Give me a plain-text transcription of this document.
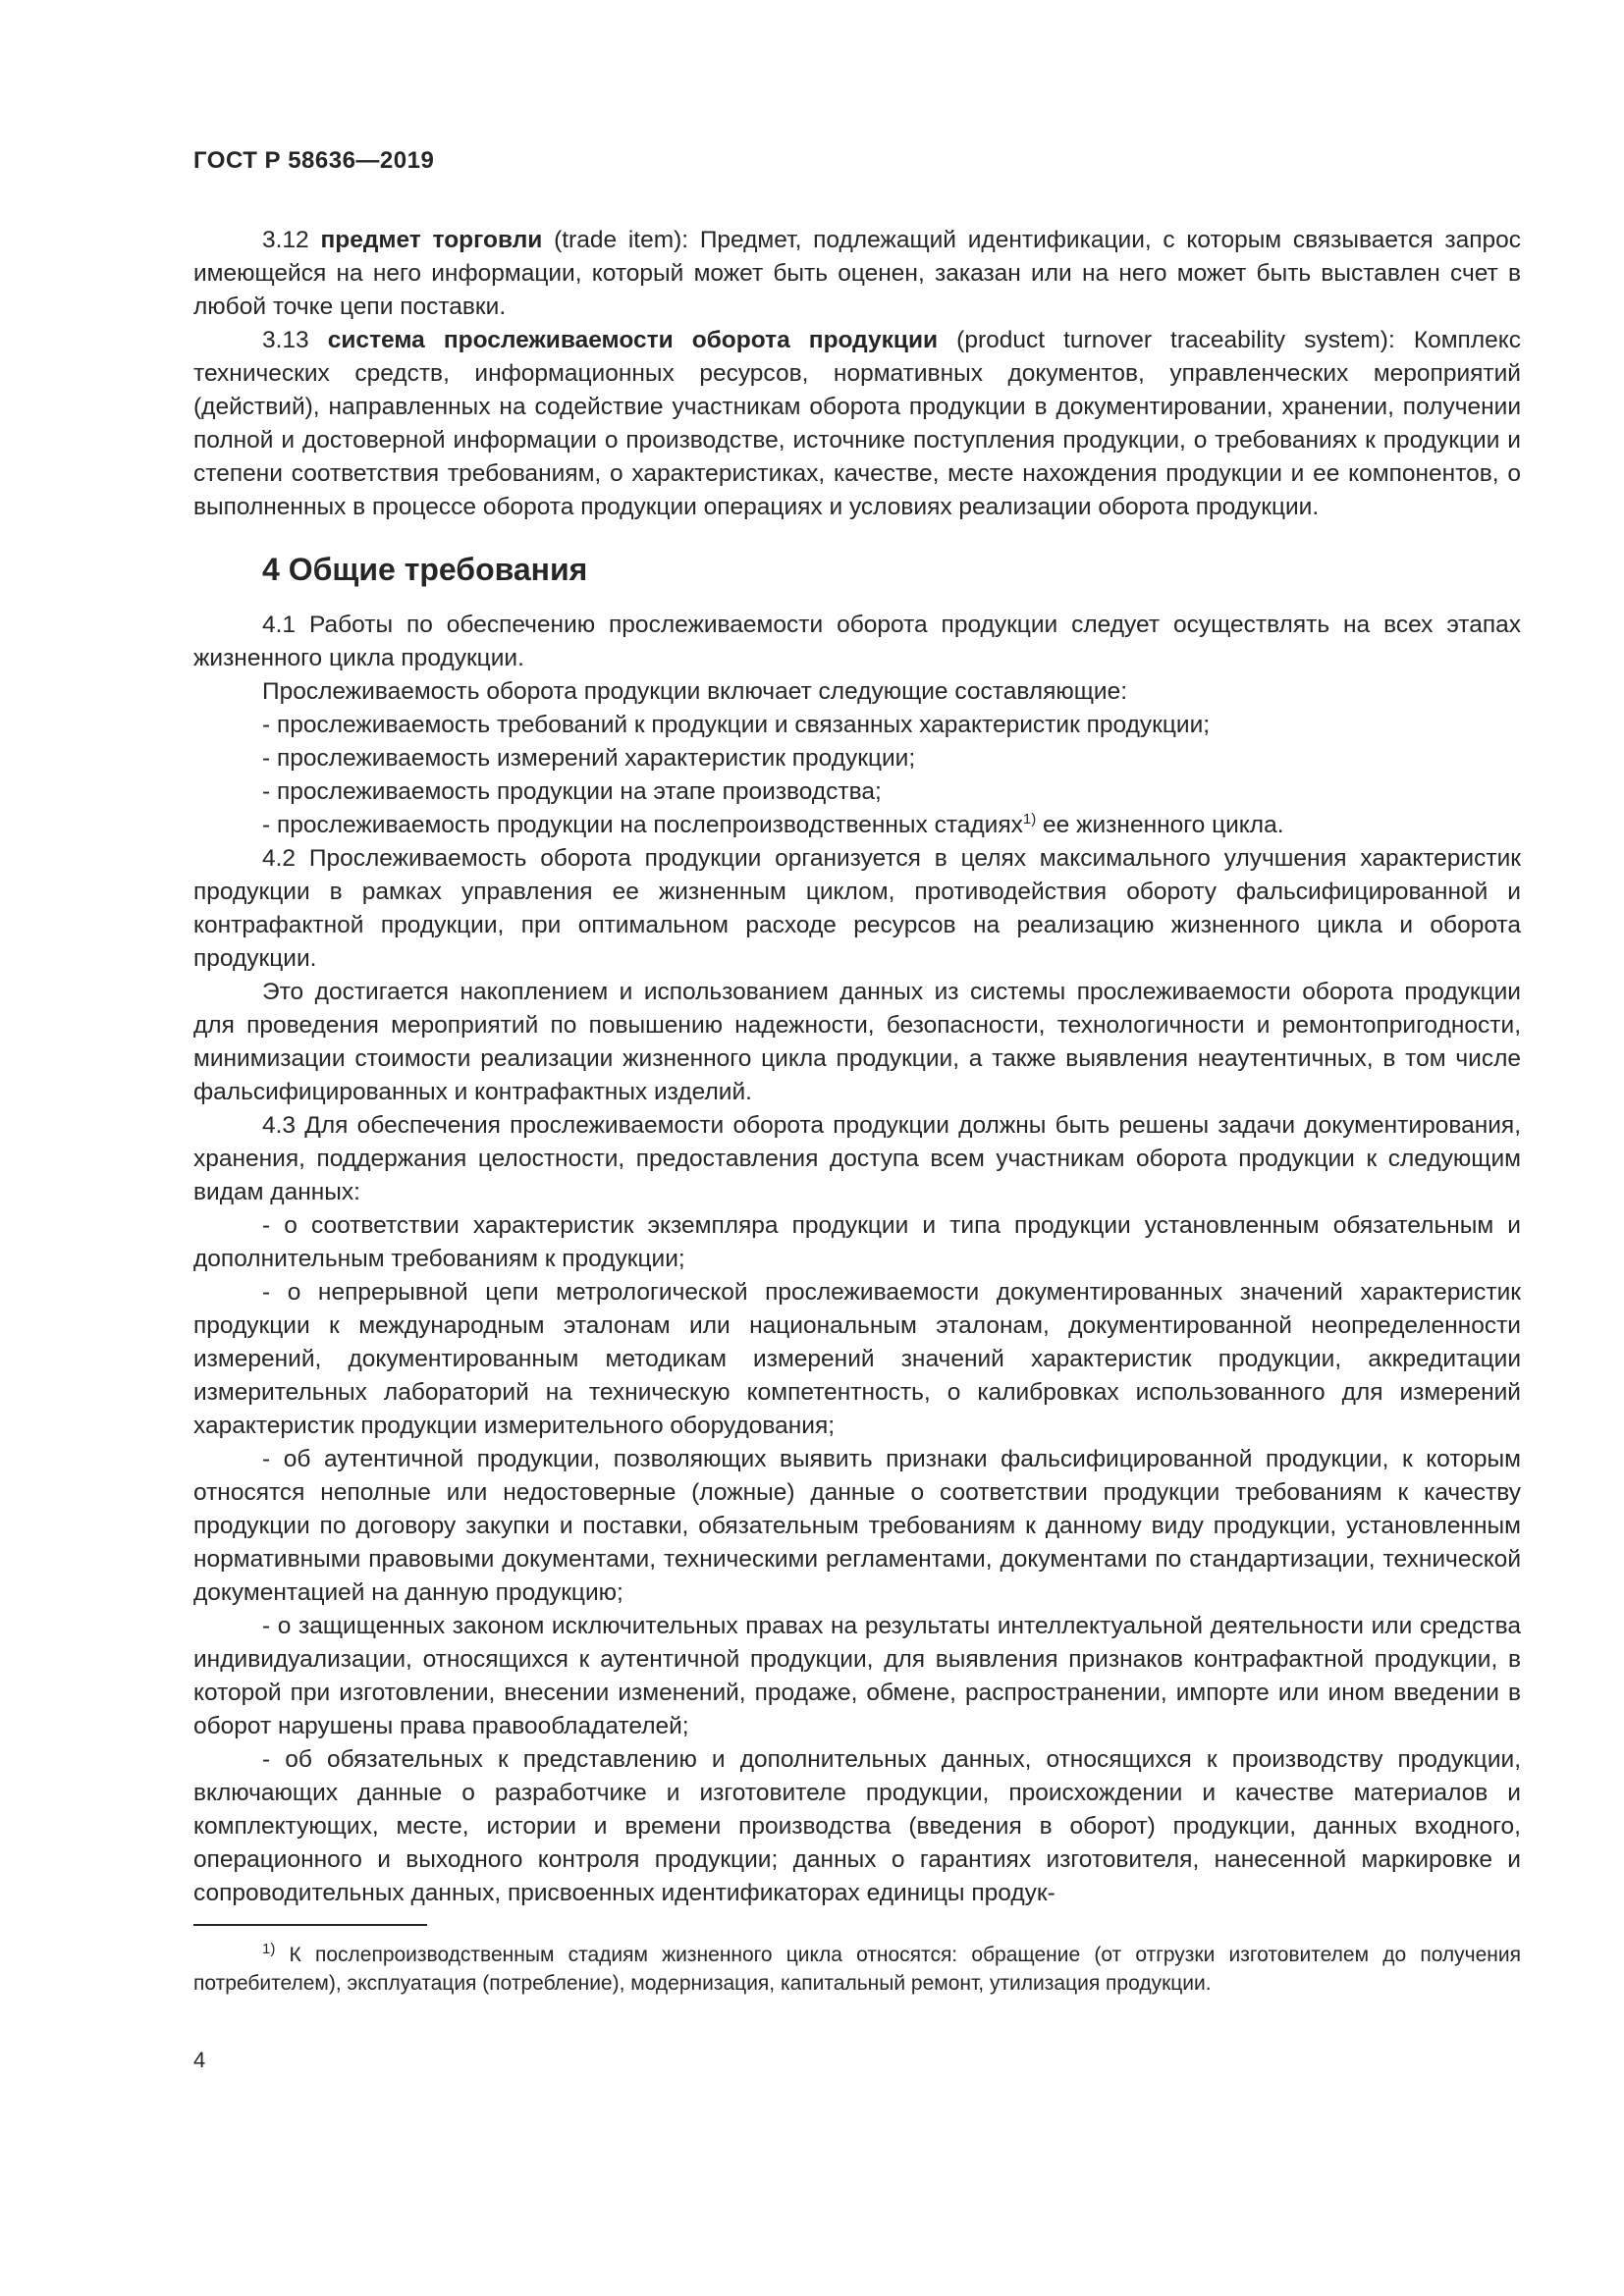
ГОСТ Р 58636—2019

3.12 предмет торговли (trade item): Предмет, подлежащий идентификации, с которым связывается запрос имеющейся на него информации, который может быть оценен, заказан или на него может быть выставлен счет в любой точке цепи поставки.

3.13 система прослеживаемости оборота продукции (product turnover traceability system): Комплекс технических средств, информационных ресурсов, нормативных документов, управленческих мероприятий (действий), направленных на содействие участникам оборота продукции в документировании, хранении, получении полной и достоверной информации о производстве, источнике поступления продукции, о требованиях к продукции и степени соответствия требованиям, о характеристиках, качестве, месте нахождения продукции и ее компонентов, о выполненных в процессе оборота продукции операциях и условиях реализации оборота продукции.

4 Общие требования

4.1 Работы по обеспечению прослеживаемости оборота продукции следует осуществлять на всех этапах жизненного цикла продукции.

Прослеживаемость оборота продукции включает следующие составляющие:

- прослеживаемость требований к продукции и связанных характеристик продукции;

- прослеживаемость измерений характеристик продукции;

- прослеживаемость продукции на этапе производства;

- прослеживаемость продукции на послепроизводственных стадиях$^{1)}$ ее жизненного цикла.

4.2 Прослеживаемость оборота продукции организуется в целях максимального улучшения характеристик продукции в рамках управления ее жизненным циклом, противодействия обороту фальсифицированной и контрафактной продукции, при оптимальном расходе ресурсов на реализацию жизненного цикла и оборота продукции.

Это достигается накоплением и использованием данных из системы прослеживаемости оборота продукции для проведения мероприятий по повышению надежности, безопасности, технологичности и ремонтопригодности, минимизации стоимости реализации жизненного цикла продукции, а также выявления неаутентичных, в том числе фальсифицированных и контрафактных изделий.

4.3 Для обеспечения прослеживаемости оборота продукции должны быть решены задачи документирования, хранения, поддержания целостности, предоставления доступа всем участникам оборота продукции к следующим видам данных:

- о соответствии характеристик экземпляра продукции и типа продукции установленным обязательным и дополнительным требованиям к продукции;

- о непрерывной цепи метрологической прослеживаемости документированных значений характеристик продукции к международным эталонам или национальным эталонам, документированной неопределенности измерений, документированным методикам измерений значений характеристик продукции, аккредитации измерительных лабораторий на техническую компетентность, о калибровках использованного для измерений характеристик продукции измерительного оборудования;

- об аутентичной продукции, позволяющих выявить признаки фальсифицированной продукции, к которым относятся неполные или недостоверные (ложные) данные о соответствии продукции требованиям к качеству продукции по договору закупки и поставки, обязательным требованиям к данному виду продукции, установленным нормативными правовыми документами, техническими регламентами, документами по стандартизации, технической документацией на данную продукцию;

- о защищенных законом исключительных правах на результаты интеллектуальной деятельности или средства индивидуализации, относящихся к аутентичной продукции, для выявления признаков контрафактной продукции, в которой при изготовлении, внесении изменений, продаже, обмене, распространении, импорте или ином введении в оборот нарушены права правообладателей;

- об обязательных к представлению и дополнительных данных, относящихся к производству продукции, включающих данные о разработчике и изготовителе продукции, происхождении и качестве материалов и комплектующих, месте, истории и времени производства (введения в оборот) продукции, данных входного, операционного и выходного контроля продукции; данных о гарантиях изготовителя, нанесенной маркировке и сопроводительных данных, присвоенных идентификаторах единицы продук-

$^{1)}$ К послепроизводственным стадиям жизненного цикла относятся: обращение (от отгрузки изготовителем до получения потребителем), эксплуатация (потребление), модернизация, капитальный ремонт, утилизация продукции.

4
